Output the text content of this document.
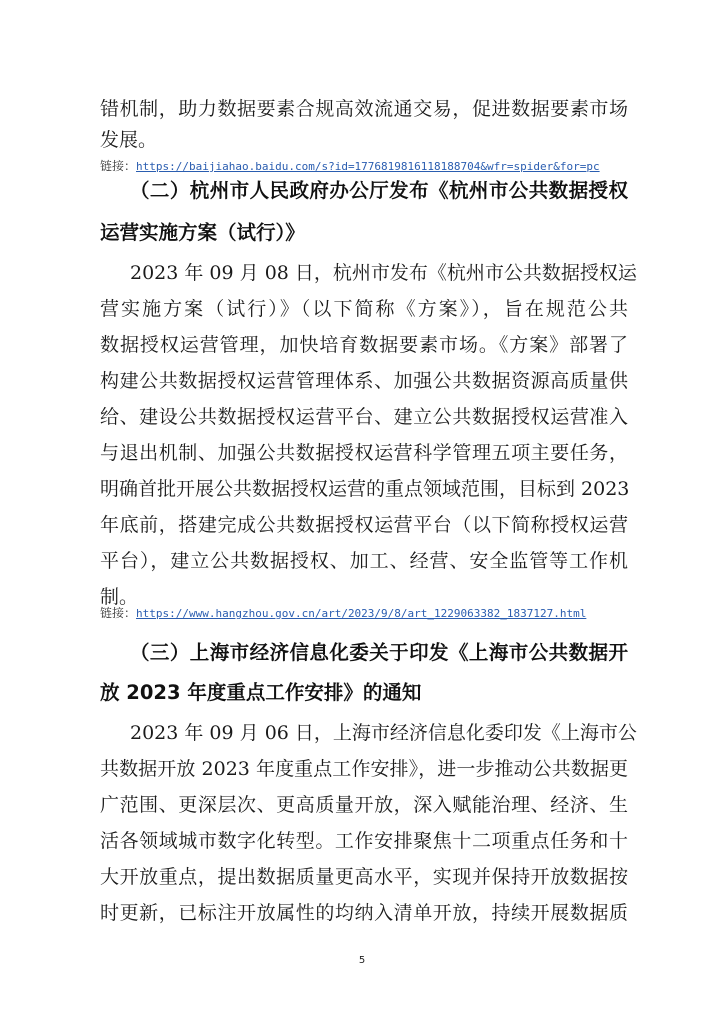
错机制，助力数据要素合规高效流通交易，促进数据要素市场
发展。
链接：https://baijiahao.baidu.com/s?id=1776819816118188704&wfr=spider&for=pc
（二）杭州市人民政府办公厅发布《杭州市公共数据授权
运营实施方案（试行）》
2023 年 09 月 08 日，杭州市发布《杭州市公共数据授权运
营实施方案（试行）》（以下简称《方案》），旨在规范公共
数据授权运营管理，加快培育数据要素市场。《方案》部署了
构建公共数据授权运营管理体系、加强公共数据资源高质量供
给、建设公共数据授权运营平台、建立公共数据授权运营准入
与退出机制、加强公共数据授权运营科学管理五项主要任务，
明确首批开展公共数据授权运营的重点领域范围，目标到 2023
年底前，搭建完成公共数据授权运营平台（以下简称授权运营
平台），建立公共数据授权、加工、经营、安全监管等工作机
制。
链接：https://www.hangzhou.gov.cn/art/2023/9/8/art_1229063382_1837127.html
（三）上海市经济信息化委关于印发《上海市公共数据开
放 2023 年度重点工作安排》的通知
2023 年 09 月 06 日，上海市经济信息化委印发《上海市公
共数据开放 2023 年度重点工作安排》，进一步推动公共数据更
广范围、更深层次、更高质量开放，深入赋能治理、经济、生
活各领域城市数字化转型。工作安排聚焦十二项重点任务和十
大开放重点，提出数据质量更高水平，实现并保持开放数据按
时更新，已标注开放属性的均纳入清单开放，持续开展数据质
5
